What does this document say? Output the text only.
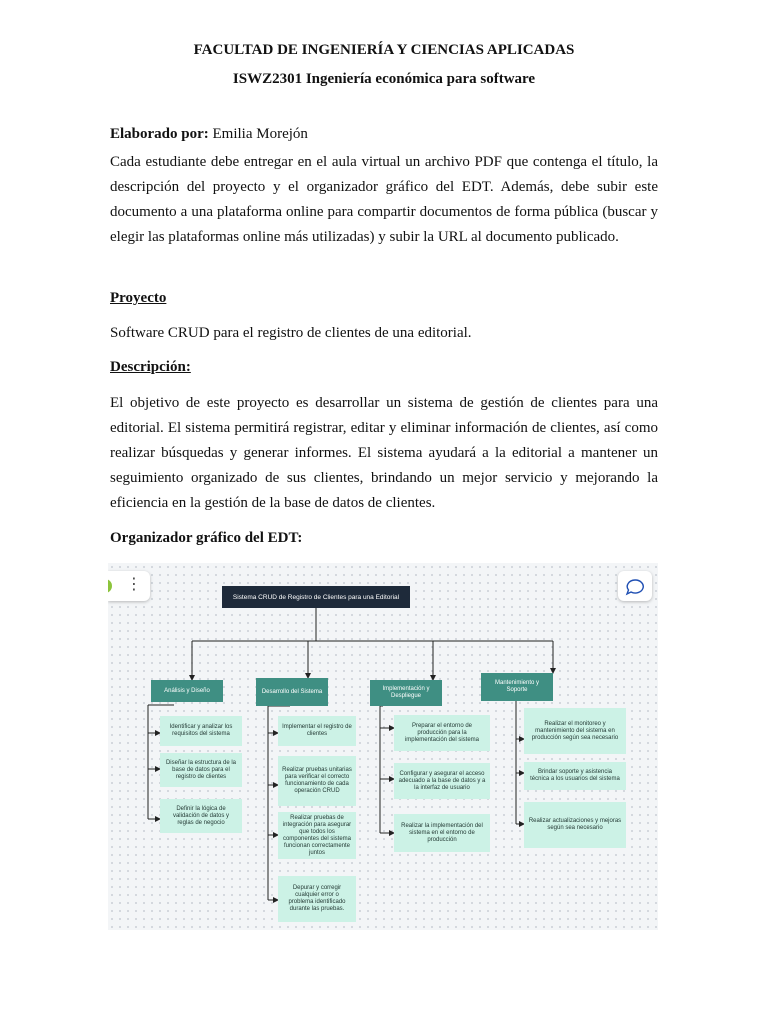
FACULTAD DE INGENIERÍA Y CIENCIAS APLICADAS
ISWZ2301 Ingeniería económica para software
Elaborado por: Emilia Morejón
Cada estudiante debe entregar en el aula virtual un archivo PDF que contenga el título, la descripción del proyecto y el organizador gráfico del EDT. Además, debe subir este documento a una plataforma online para compartir documentos de forma pública (buscar y elegir las plataformas online más utilizadas) y subir la URL al documento publicado.
Proyecto
Software CRUD para el registro de clientes de una editorial.
Descripción:
El objetivo de este proyecto es desarrollar un sistema de gestión de clientes para una editorial. El sistema permitirá registrar, editar y eliminar información de clientes, así como realizar búsquedas y generar informes. El sistema ayudará a la editorial a mantener un seguimiento organizado de sus clientes, brindando un mejor servicio y mejorando la eficiencia en la gestión de la base de datos de clientes.
Organizador gráfico del EDT:
⋮
Sistema CRUD de Registro de Clientes para una Editorial
Análisis y Diseño	Desarrollo del Sistema	Implementación y Despliegue
Mantenimiento y Soporte
Identificar y analizar los requisitos del sistema
Diseñar la estructura de la base de datos para el registro de clientes
Definir la lógica de validación de datos y reglas de negocio
Implementar el registro de clientes
Realizar pruebas unitarias para verificar el correcto funcionamiento de cada operación CRUD
Realizar pruebas de integración para asegurar que todos los componentes del sistema funcionan correctamente juntos
Depurar y corregir cualquier error o problema identificado durante las pruebas.
Preparar el entorno de producción para la implementación del sistema
Configurar y asegurar el acceso adecuado a la base de datos y a la interfaz de usuario
Realizar la implementación del sistema en el entorno de producción
Realizar el monitoreo y mantenimiento del sistema en producción según sea necesario
Brindar soporte y asistencia técnica a los usuarios del sistema
Realizar actualizaciones y mejoras según sea necesario
